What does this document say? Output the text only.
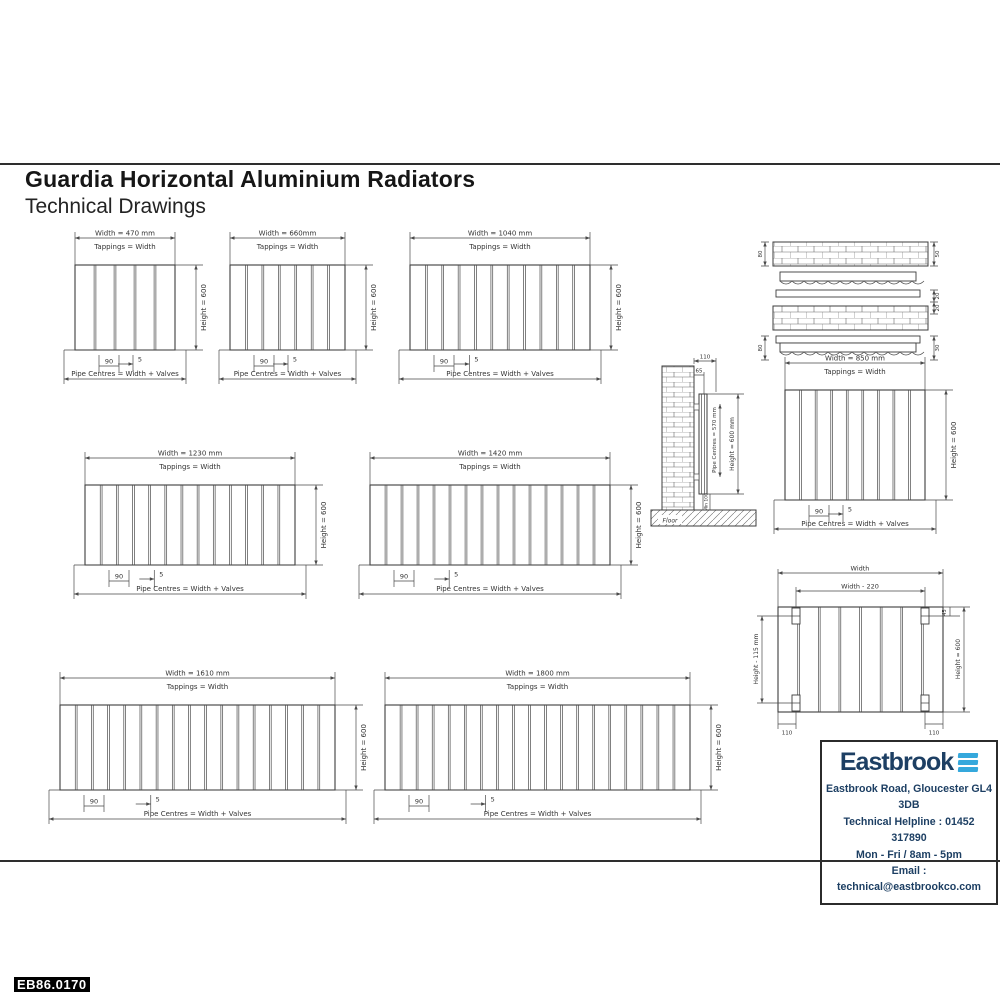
Guardia Horizontal Aluminium Radiators
Technical Drawings
Width = 470 mm
Tappings = Width
Height = 600
90	5
Pipe Centres = Width + Valves
Width = 660mm
Tappings = Width
Height = 600
90	5
Pipe Centres = Width + Valves
Width = 1040 mm
Tappings = Width
Height = 600
90	5
Pipe Centres = Width + Valves
Width = 1230 mm
Tappings = Width
Height = 600
90	5
Pipe Centres = Width + Valves
Width = 1420 mm
Tappings = Width
Height = 600
90	5
Pipe Centres = Width + Valves
Width = 1610 mm
Tappings = Width
Height = 600
90	5
Pipe Centres = Width + Valves
Width = 1800 mm
Tappings = Width
Height = 600
90	5
Pipe Centres = Width + Valves
Width = 850 mm
Tappings = Width
Height = 600
90	5
Pipe Centres = Width + Valves
110
65
Pipe Centres = 570 mm Height = 600 mm
Min 100
Floor
80	50
20
20
80	30
Width
Width - 220
Height - 115 mm
45
Height = 600
110	110
Eastbrook
Eastbrook Road, Gloucester GL4 3DB
Technical Helpline : 01452 317890
Mon - Fri / 8am - 5pm
Email : technical@eastbrookco.com
EB86.0170
